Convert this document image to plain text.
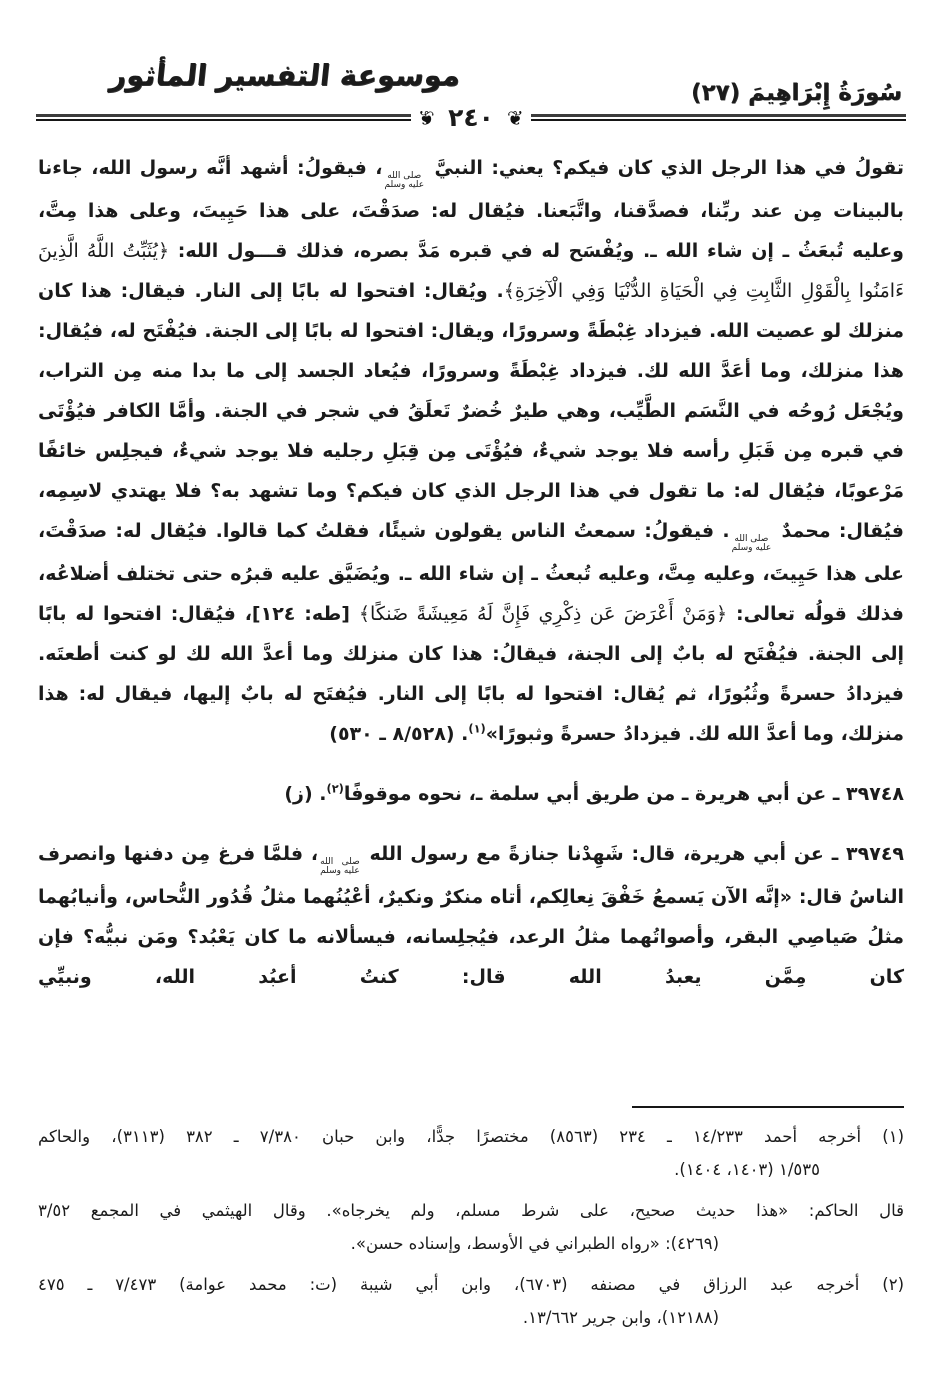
سُورَةُ إِبْرَاهِيمَ (٢٧)
موسوعة التفسير المأثور
❦
٢٤٠
❦

تقولُ في هذا الرجل الذي كان فيكم؟ يعني: النبيَّ
صلى الله
عليه وسلم
، فيقولُ: أشهد أنَّه رسول الله، جاءنا بالبينات مِن عند ربِّنا، فصدَّقنا، واتَّبَعنا. فيُقال له: صدَقْتَ، على هذا حَيِيتَ، وعلى هذا مِتَّ، وعليه تُبعَثُ ـ إن شاء الله ـ. ويُفْسَح له في قبره مَدَّ بصره، فذلك قـــول الله: ﴿يُثَبِّتُ اللَّهُ الَّذِينَ ءَامَنُوا بِالْقَوْلِ الثَّابِتِ فِي الْحَيَاةِ الدُّنْيَا وَفِي الْآخِرَةِ﴾. ويُقال: افتحوا له بابًا إلى النار. فيقال: هذا كان منزلك لو عصيت الله. فيزداد غِبْطَةً وسرورًا، ويقال: افتحوا له بابًا إلى الجنة. فيُفْتَح له، فيُقال: هذا منزلك، وما أعَدَّ الله لك. فيزداد غِبْطَةً وسرورًا، فيُعاد الجسد إلى ما بدا منه مِن التراب، ويُجْعَل رُوحُه في النَّسَم الطَّيِّب، وهي طيرٌ خُضرٌ تَعلَقُ في شجر في الجنة. وأمَّا الكافر فيُؤْتَى في قبره مِن قَبَلِ رأسه فلا يوجد شيءٌ، فيُؤْتَى مِن قِبَلِ رجليه فلا يوجد شيءٌ، فيجلِس خائفًا مَرْعوبًا، فيُقال له: ما تقول في هذا الرجل الذي كان فيكم؟ وما تشهد به؟ فلا يهتدي لاسِمِه، فيُقال: محمدٌ
صلى الله
عليه وسلم
. فيقولُ: سمعتُ الناس يقولون شيئًا، فقلتُ كما قالوا. فيُقال له: صدَقْتَ، على هذا حَيِيتَ، وعليه مِتَّ، وعليه تُبعثُ ـ إن شاء الله ـ. ويُضَيَّق عليه قبرُه حتى تختلف أضلاعُه، فذلك قولُه تعالى: ﴿وَمَنْ أَعْرَضَ عَن ذِكْرِي فَإِنَّ لَهُ مَعِيشَةً ضَنكًا﴾ [طه: ١٢٤]، فيُقال: افتحوا له بابًا إلى الجنة. فيُفْتَح له بابٌ إلى الجنة، فيقالُ: هذا كان منزلك وما أعدَّ الله لك لو كنت أطعتَه. فيزدادُ حسرةً وثُبُورًا، ثم يُقال: افتحوا له بابًا إلى النار. فيُفتَح له بابٌ إليها، فيقال له: هذا منزلك، وما أعدَّ الله لك. فيزدادُ حسرةً وثبورًا»$^{(١)}$. (٨/٥٢٨ ـ ٥٣٠)

٣٩٧٤٨ ـ عن أبي هريرة ـ من طريق أبي سلمة ـ، نحوه موقوفًا$^{(٢)}$. (ز)

٣٩٧٤٩ ـ عن أبي هريرة، قال: شَهِدْنا جنازةً مع رسول الله
صلى الله
عليه وسلم
، فلمَّا فرغ مِن دفنها وانصرف الناسُ قال: «إنَّه الآن يَسمعُ خَفْقَ نِعالِكم، أتاه منكرٌ ونكيرٌ، أعْيُنُهما مثلُ قُدُور النُّحاس، وأنيابُهما مثلُ صَياصِي البقر، وأصواتُهما مثلُ الرعد، فيُجلِسانه، فيسألانه ما كان يَعْبُد؟ ومَن نبيُّه؟ فإن كان مِمَّن يعبدُ الله قال: كنتُ أعبُد الله، ونبيِّي

(١) أخرجه أحمد ١٤/٢٣٣ ـ ٢٣٤ (٨٥٦٣) مختصرًا جدًّا، وابن حبان ٧/٣٨٠ ـ ٣٨٢ (٣١١٣)، والحاكم
١/٥٣٥ (١٤٠٣، ١٤٠٤).
قال الحاكم: «هذا حديث صحيح، على شرط مسلم، ولم يخرجاه». وقال الهيثمي في المجمع ٣/٥٢
(٤٢٦٩): «رواه الطبراني في الأوسط، وإسناده حسن».
(٢) أخرجه عبد الرزاق في مصنفه (٦٧٠٣)، وابن أبي شيبة (ت: محمد عوامة) ٧/٤٧٣ ـ ٤٧٥
(١٢١٨٨)، وابن جرير ١٣/٦٦٢.
